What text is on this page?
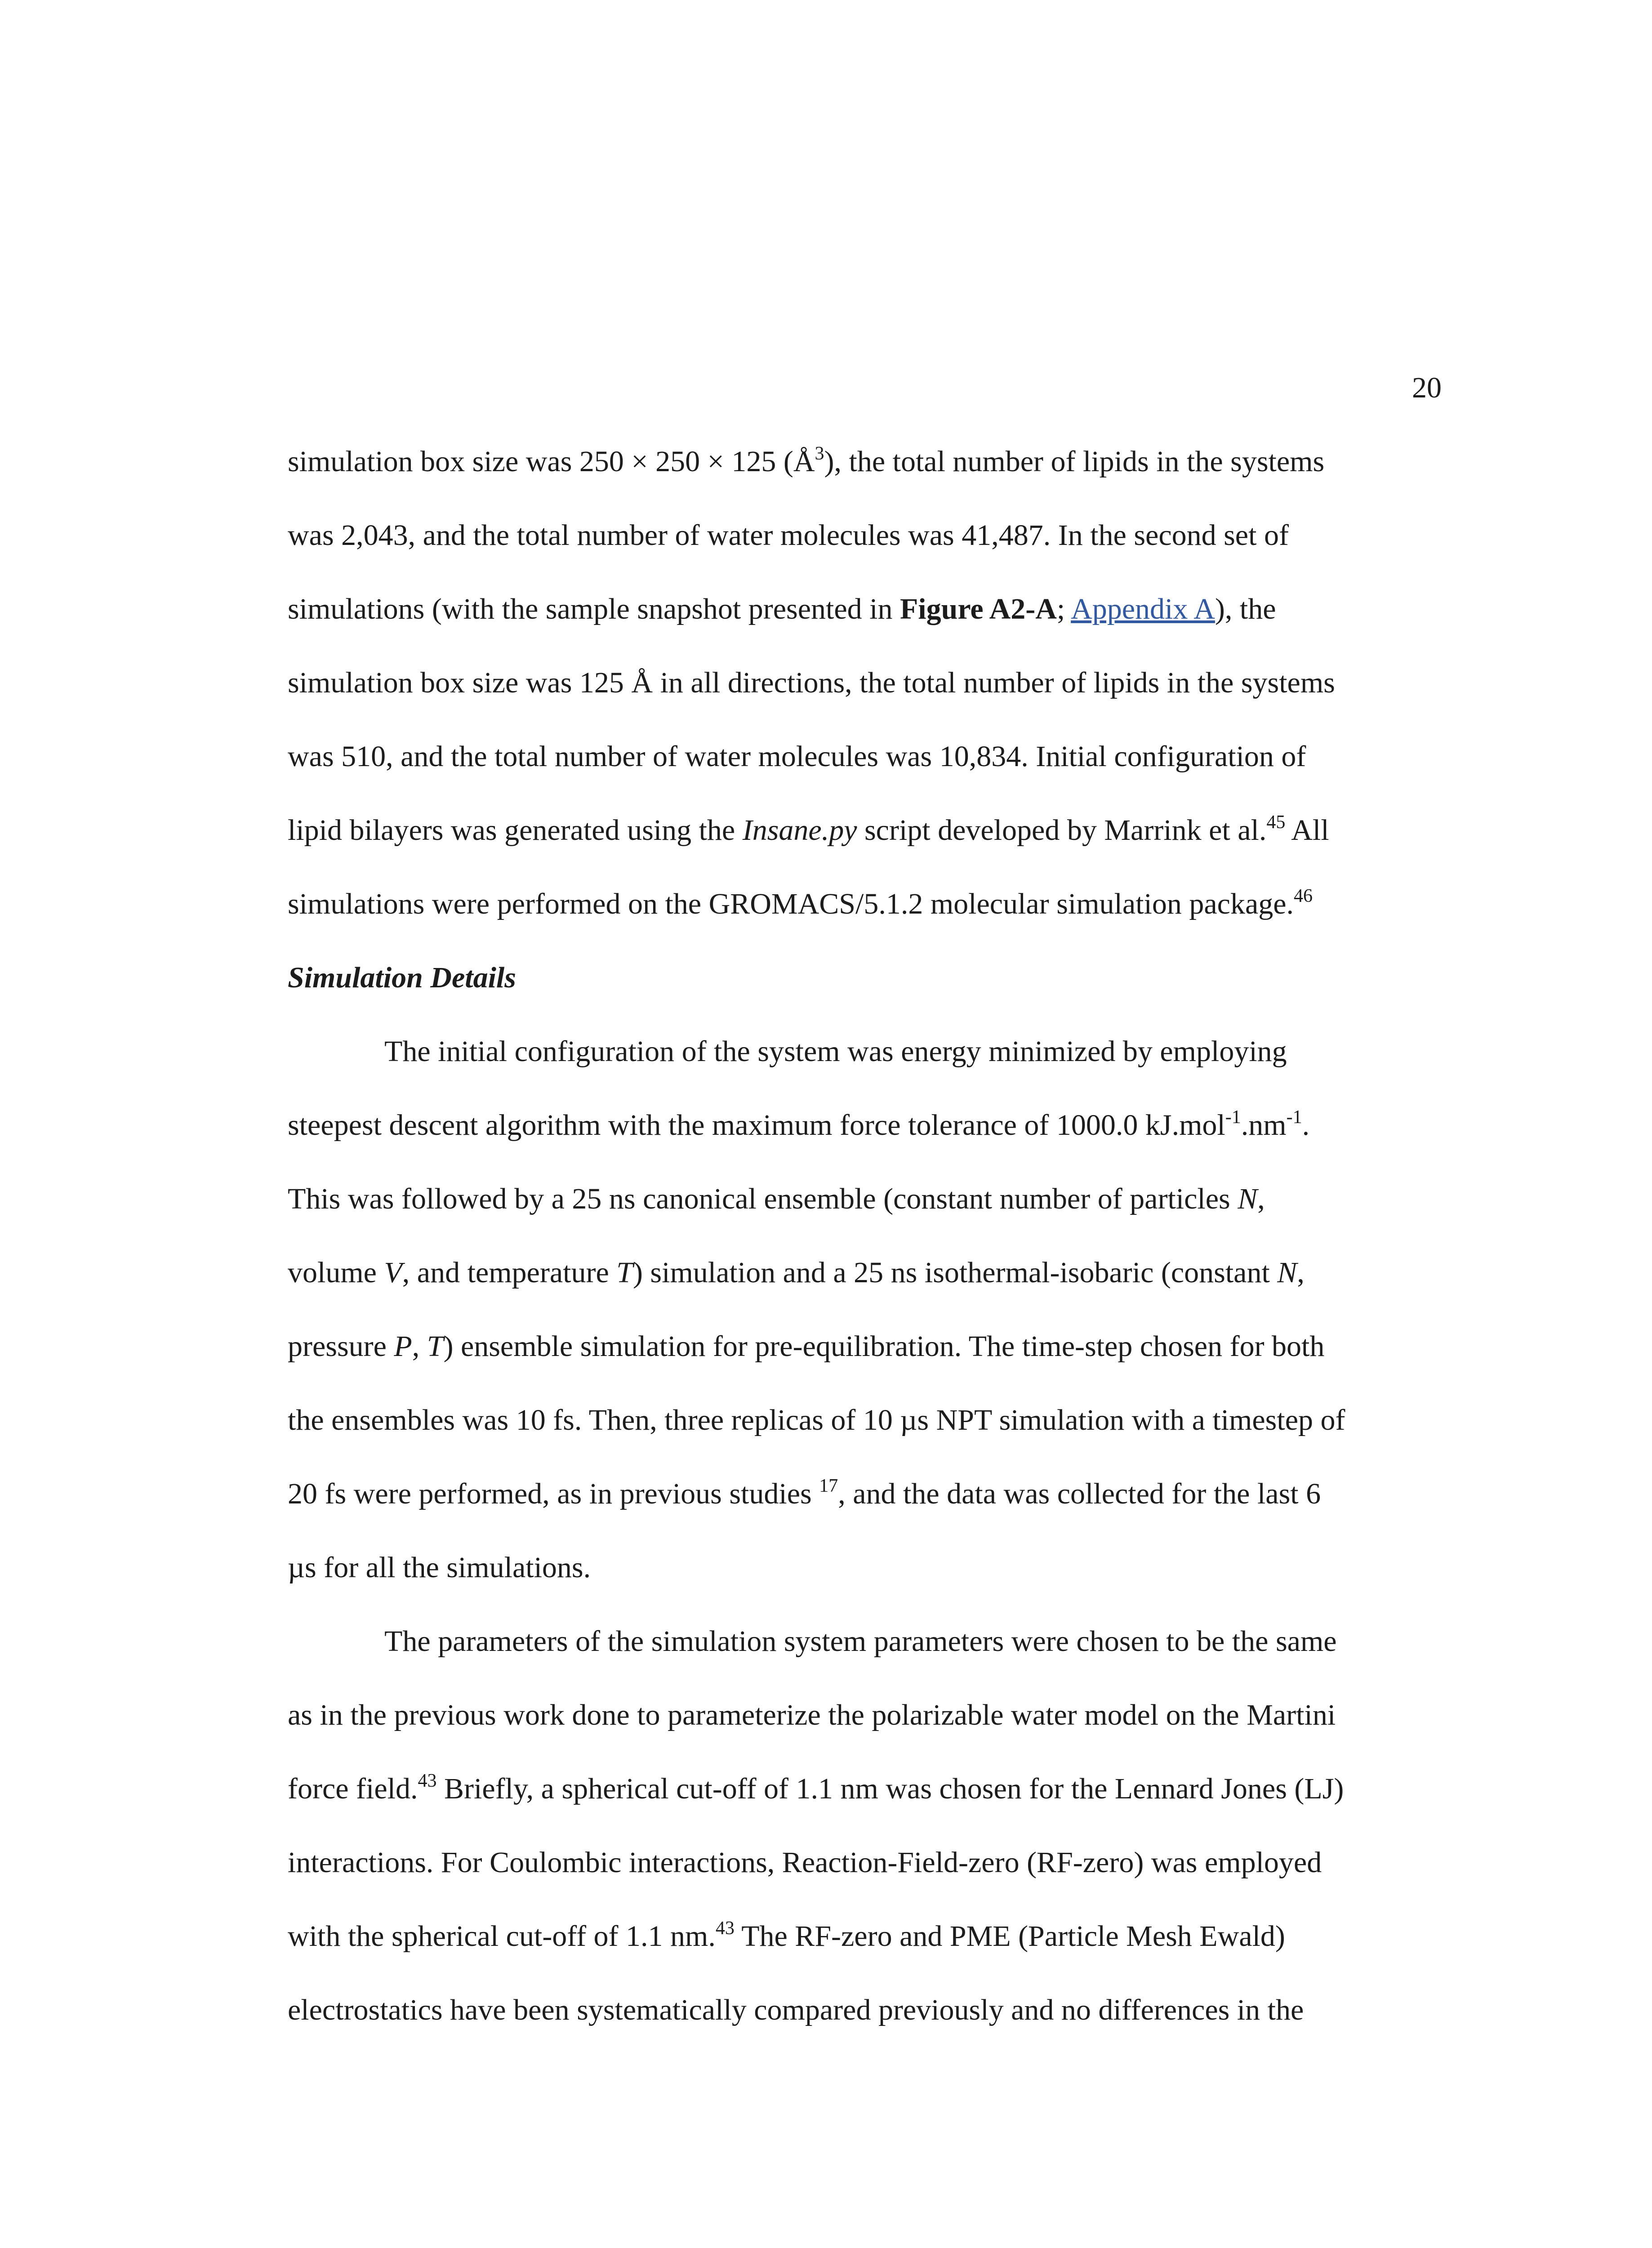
20
simulation box size was 250 × 250 × 125 $(Å^3)$, the total number of lipids in the systems
was 2,043, and the total number of water molecules was 41,487. In the second set of
simulations (with the sample snapshot presented in Figure A2-A; Appendix A), the
simulation box size was 125 Å in all directions, the total number of lipids in the systems
was 510, and the total number of water molecules was 10,834. Initial configuration of
lipid bilayers was generated using the Insane.py script developed by Marrink et al.$^{45}$ All
simulations were performed on the GROMACS/5.1.2 molecular simulation package.$^{46}$
Simulation Details
The initial configuration of the system was energy minimized by employing
steepest descent algorithm with the maximum force tolerance of 1000.0 $kJ.mol^{-1}.nm^{-1}$.
This was followed by a 25 ns canonical ensemble (constant number of particles N,
volume V, and temperature T) simulation and a 25 ns isothermal-isobaric (constant N,
pressure P, T) ensemble simulation for pre-equilibration. The time-step chosen for both
the ensembles was 10 fs. Then, three replicas of 10 µs NPT simulation with a timestep of
20 fs were performed, as in previous studies $^{17}$, and the data was collected for the last 6
µs for all the simulations.
The parameters of the simulation system parameters were chosen to be the same
as in the previous work done to parameterize the polarizable water model on the Martini
force field.$^{43}$ Briefly, a spherical cut-off of 1.1 nm was chosen for the Lennard Jones (LJ)
interactions. For Coulombic interactions, Reaction-Field-zero (RF-zero) was employed
with the spherical cut-off of 1.1 nm.$^{43}$ The RF-zero and PME (Particle Mesh Ewald)
electrostatics have been systematically compared previously and no differences in the
